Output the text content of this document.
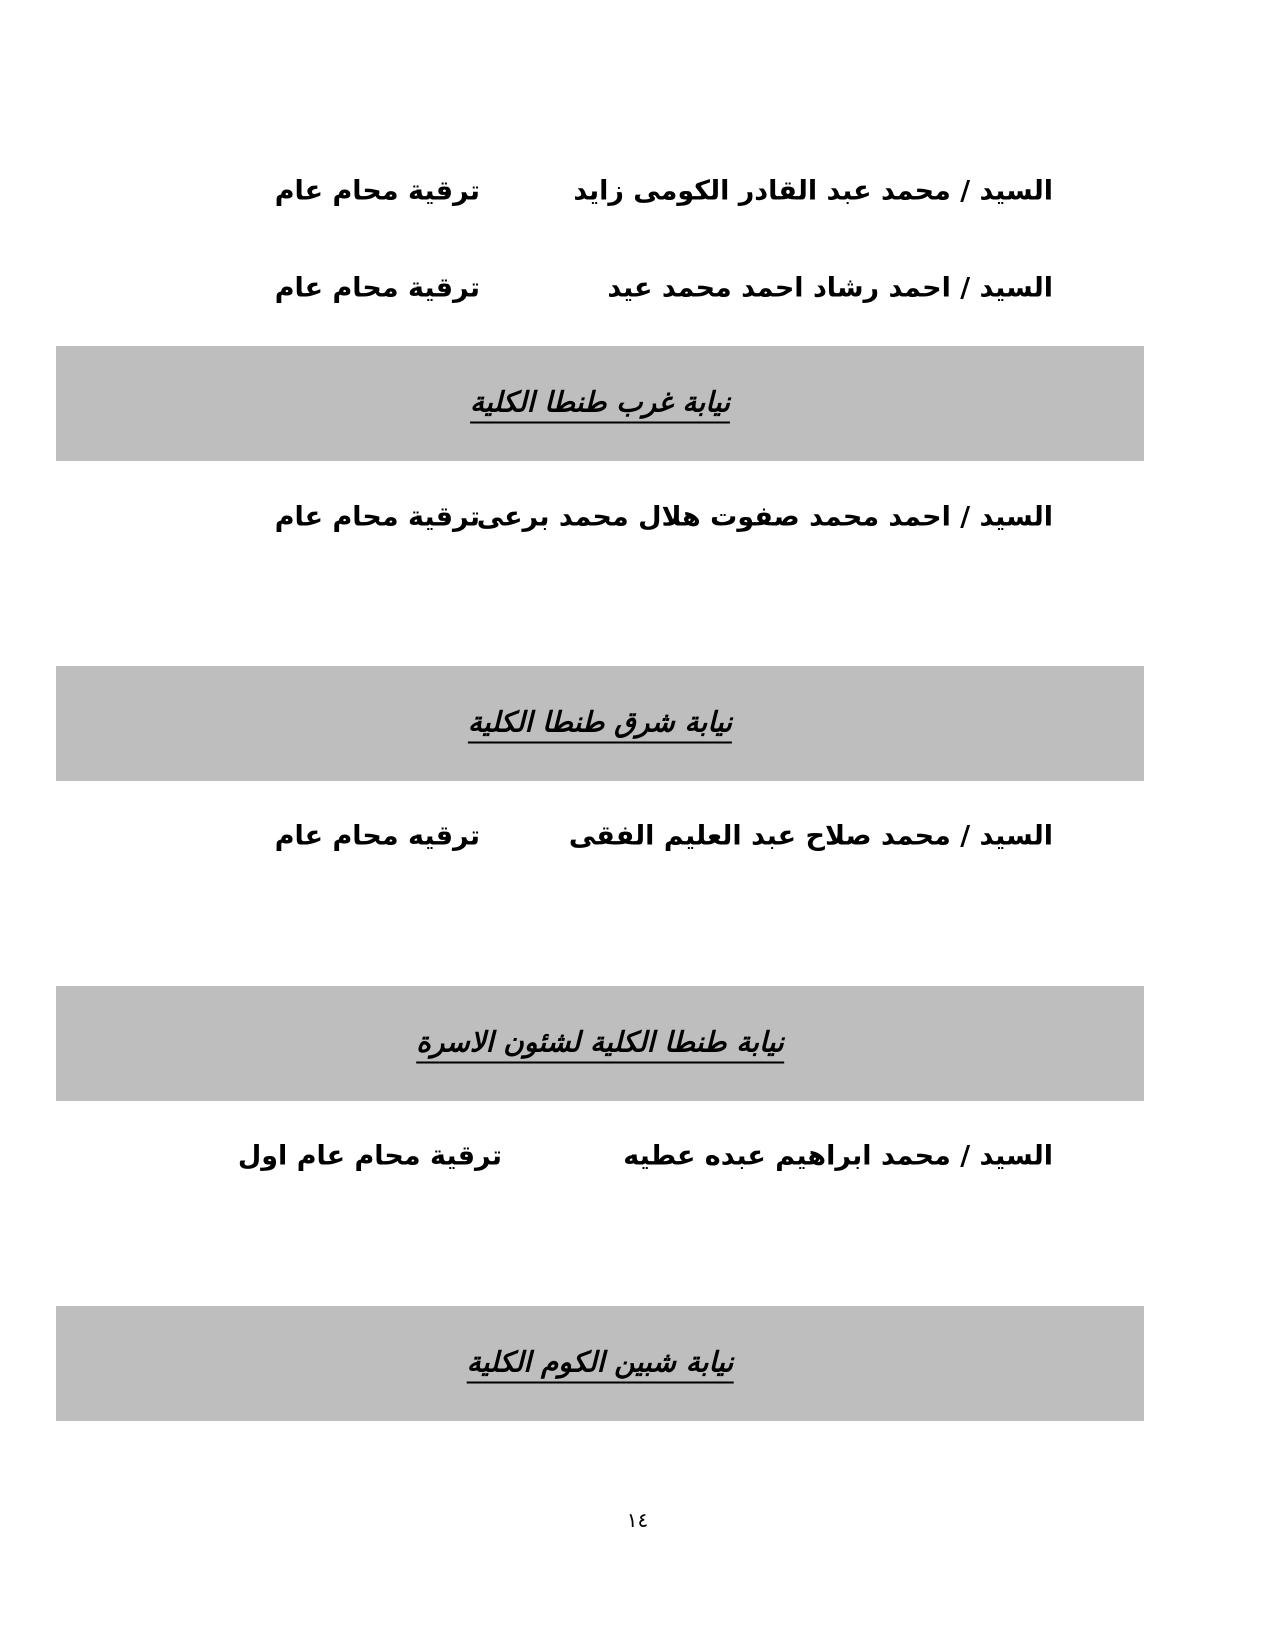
السيد / محمد عبد القادر الكومى زايد
ترقية محام عام
السيد / احمد رشاد احمد محمد عيد
ترقية محام عام
نيابة غرب طنطا الكلية
السيد / احمد محمد صفوت هلال محمد برعى
ترقية محام عام
نيابة شرق طنطا الكلية
السيد / محمد صلاح عبد العليم الفقى
ترقيه محام عام
نيابة طنطا الكلية لشئون الاسرة
السيد / محمد ابراهيم عبده عطيه
ترقية محام عام اول
نيابة شبين الكوم الكلية
١٤
